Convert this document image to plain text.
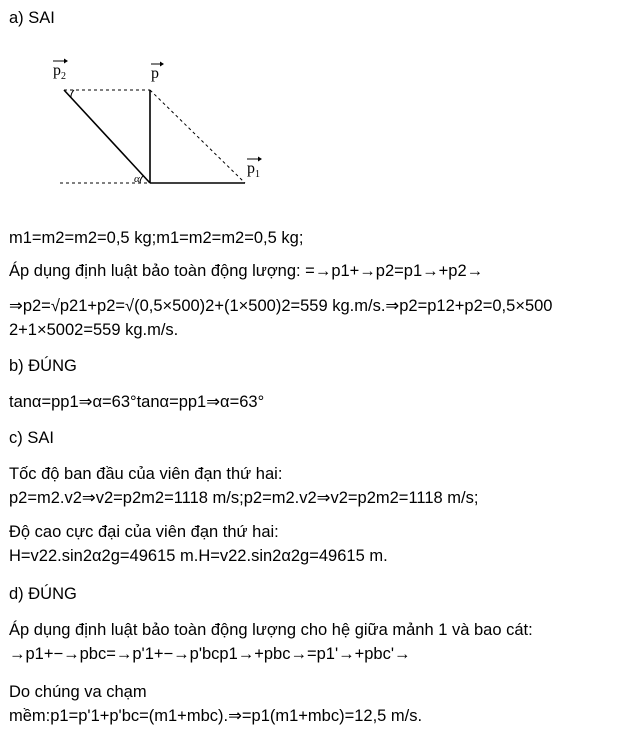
a) SAI
α
p 2	p
p 1
m1=m2=m2=0,5 kg;m1=m2=m2=0,5 kg;
Áp dụng định luật bảo toàn động lượng: =→p1+→p2=p1→+p2→
⇒p2=√p21+p2=√(0,5×500)2+(1×500)2=559 kg.m/s.⇒p2=p12+p2=0,5×500
2+1×5002=559 kg.m/s.
b) ĐÚNG
tanα=pp1⇒α=63°tanα=pp1⇒α=63°
c) SAI
Tốc độ ban đầu của viên đạn thứ hai:
p2=m2.v2⇒v2=p2m2=1118 m/s;p2=m2.v2⇒v2=p2m2=1118 m/s;
Độ cao cực đại của viên đạn thứ hai:
H=v22.sin2α2g=49615 m.H=v22.sin2α2g=49615 m.
d) ĐÚNG
Áp dụng định luật bảo toàn động lượng cho hệ giữa mảnh 1 và bao cát:
→p1+−→pbc=→p'1+−→p'bcp1→+pbc→=p1'→+pbc'→
Do chúng va chạm
mềm:p1=p'1+p'bc=(m1+mbc).⇒=p1(m1+mbc)=12,5 m/s.
